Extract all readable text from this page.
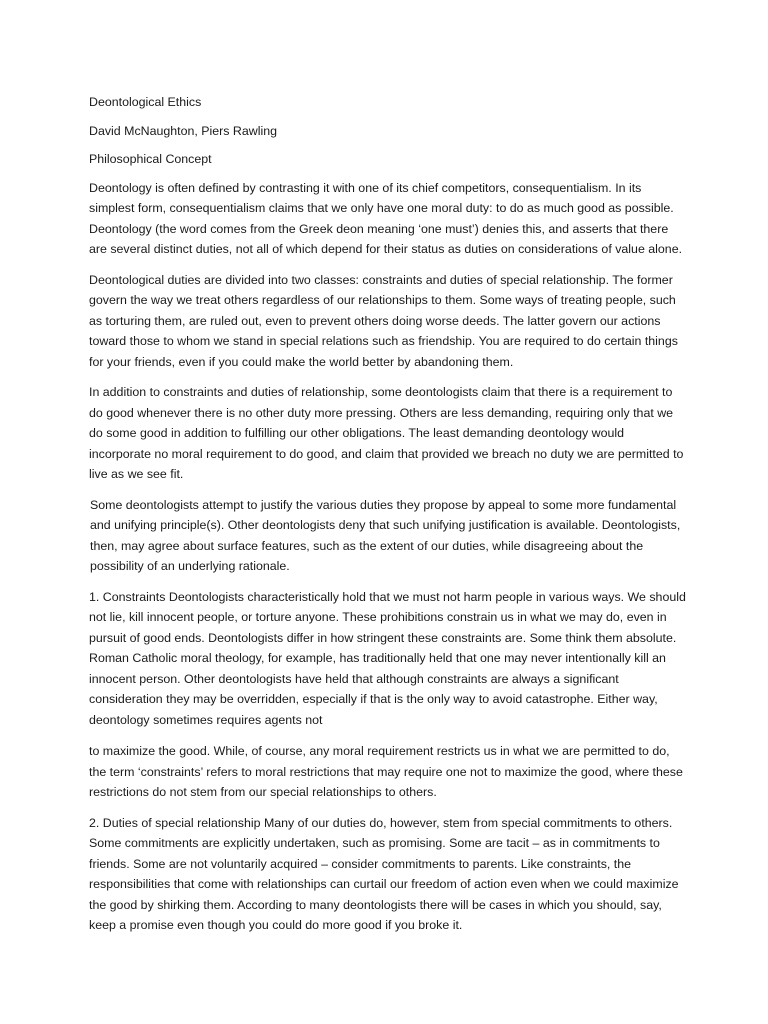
Deontological Ethics
David McNaughton, Piers Rawling
Philosophical Concept
Deontology is often defined by contrasting it with one of its chief competitors, consequentialism. In its simplest form, consequentialism claims that we only have one moral duty: to do as much good as possible. Deontology (the word comes from the Greek deon meaning ‘one must’) denies this, and asserts that there are several distinct duties, not all of which depend for their status as duties on considerations of value alone.
Deontological duties are divided into two classes: constraints and duties of special relationship. The former govern the way we treat others regardless of our relationships to them. Some ways of treating people, such as torturing them, are ruled out, even to prevent others doing worse deeds. The latter govern our actions toward those to whom we stand in special relations such as friendship. You are required to do certain things for your friends, even if you could make the world better by abandoning them.
In addition to constraints and duties of relationship, some deontologists claim that there is a requirement to do good whenever there is no other duty more pressing. Others are less demanding, requiring only that we do some good in addition to fulfilling our other obligations. The least demanding deontology would incorporate no moral requirement to do good, and claim that provided we breach no duty we are permitted to live as we see fit.
Some deontologists attempt to justify the various duties they propose by appeal to some more fundamental and unifying principle(s). Other deontologists deny that such unifying justification is available. Deontologists, then, may agree about surface features, such as the extent of our duties, while disagreeing about the possibility of an underlying rationale.
1. Constraints Deontologists characteristically hold that we must not harm people in various ways. We should not lie, kill innocent people, or torture anyone. These prohibitions constrain us in what we may do, even in pursuit of good ends. Deontologists differ in how stringent these constraints are. Some think them absolute. Roman Catholic moral theology, for example, has traditionally held that one may never intentionally kill an innocent person. Other deontologists have held that although constraints are always a significant consideration they may be overridden, especially if that is the only way to avoid catastrophe. Either way, deontology sometimes requires agents not
to maximize the good. While, of course, any moral requirement restricts us in what we are permitted to do, the term ‘constraints’ refers to moral restrictions that may require one not to maximize the good, where these restrictions do not stem from our special relationships to others.
2. Duties of special relationship Many of our duties do, however, stem from special commitments to others. Some commitments are explicitly undertaken, such as promising. Some are tacit – as in commitments to friends. Some are not voluntarily acquired – consider commitments to parents. Like constraints, the responsibilities that come with relationships can curtail our freedom of action even when we could maximize the good by shirking them. According to many deontologists there will be cases in which you should, say, keep a promise even though you could do more good if you broke it.
